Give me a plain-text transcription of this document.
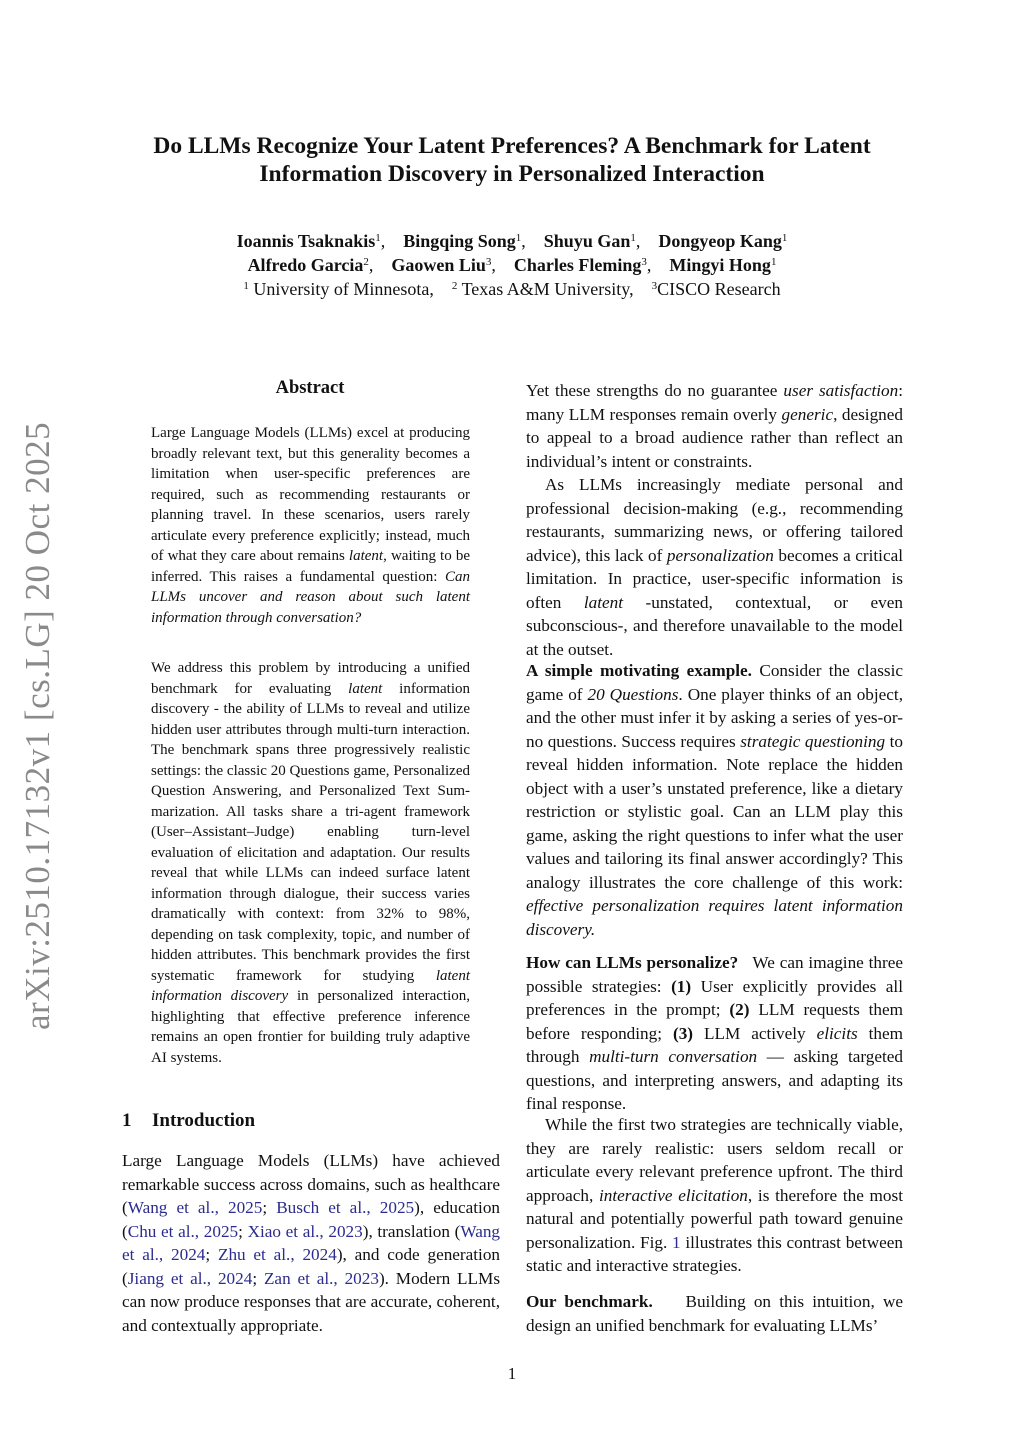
arXiv:2510.17132v1 [cs.LG] 20 Oct 2025
Do LLMs Recognize Your Latent Preferences? A Benchmark for Latent
Information Discovery in Personalized Interaction
Ioannis Tsaknakis$^1$,    Bingqing Song$^1$,    Shuyu Gan$^1$,    Dongyeop Kang$^1$
Alfredo Garcia$^2$,    Gaowen Liu$^3$,    Charles Fleming$^3$,    Mingyi Hong$^1$
$^1$ University of Minnesota, $^2$ Texas A&M University, $^3$CISCO Research
Abstract

Large Language Models (LLMs) excel at producing broadly relevant text, but this generality becomes a limitation when user-specific preferences are required, such as recommending restaurants or planning travel. In these scenarios, users rarely articulate every preference explicitly; instead, much of what they care about remains latent, waiting to be inferred. This raises a fundamental question: Can LLMs uncover and reason about such latent information through conversation?

We address this problem by introducing a unified benchmark for evaluating latent information discovery - the ability of LLMs to reveal and utilize hidden user attributes through multi-turn interaction. The benchmark spans three progressively realistic settings: the classic 20 Questions game, Personalized Question Answering, and Personalized Text Summarization. All tasks share a tri-agent framework (User–Assistant–Judge) enabling turn-level evaluation of elicitation and adaptation. Our results reveal that while LLMs can indeed surface latent information through dialogue, their success varies dramatically with context: from 32% to 98%, depending on task complexity, topic, and number of hidden attributes. This benchmark provides the first systematic framework for studying latent information discovery in personalized interaction, highlighting that effective preference inference remains an open frontier for building truly adaptive AI systems.

1 Introduction

Large Language Models (LLMs) have achieved remarkable success across domains, such as healthcare (Wang et al., 2025; Busch et al., 2025), education (Chu et al., 2025; Xiao et al., 2023), translation (Wang et al., 2024; Zhu et al., 2024), and code generation (Jiang et al., 2024; Zan et al., 2023). Modern LLMs can now produce responses that are accurate, coherent, and contextually appropriate.

Yet these strengths do no guarantee user satisfaction: many LLM responses remain overly generic, designed to appeal to a broad audience rather than reflect an individual’s intent or constraints.

As LLMs increasingly mediate personal and professional decision-making (e.g., recommending restaurants, summarizing news, or offering tailored advice), this lack of personalization becomes a critical limitation. In practice, user-specific information is often latent -unstated, contextual, or even subconscious-, and therefore unavailable to the model at the outset.

A simple motivating example. Consider the classic game of 20 Questions. One player thinks of an object, and the other must infer it by asking a series of yes-or-no questions. Success requires strategic questioning to reveal hidden information. Note replace the hidden object with a user’s unstated preference, like a dietary restriction or stylistic goal. Can an LLM play this game, asking the right questions to infer what the user values and tailoring its final answer accordingly? This analogy illustrates the core challenge of this work: effective personalization requires latent information discovery.

How can LLMs personalize?   We can imagine three possible strategies: (1) User explicitly provides all preferences in the prompt; (2) LLM requests them before responding; (3) LLM actively elicits them through multi-turn conversation — asking targeted questions, and interpreting answers, and adapting its final response.

While the first two strategies are technically viable, they are rarely realistic: users seldom recall or articulate every relevant preference upfront. The third approach, interactive elicitation, is therefore the most natural and potentially powerful path toward genuine personalization. Fig. 1 illustrates this contrast between static and interactive strategies.

Our benchmark.    Building on this intuition, we design an unified benchmark for evaluating LLMs’

1
